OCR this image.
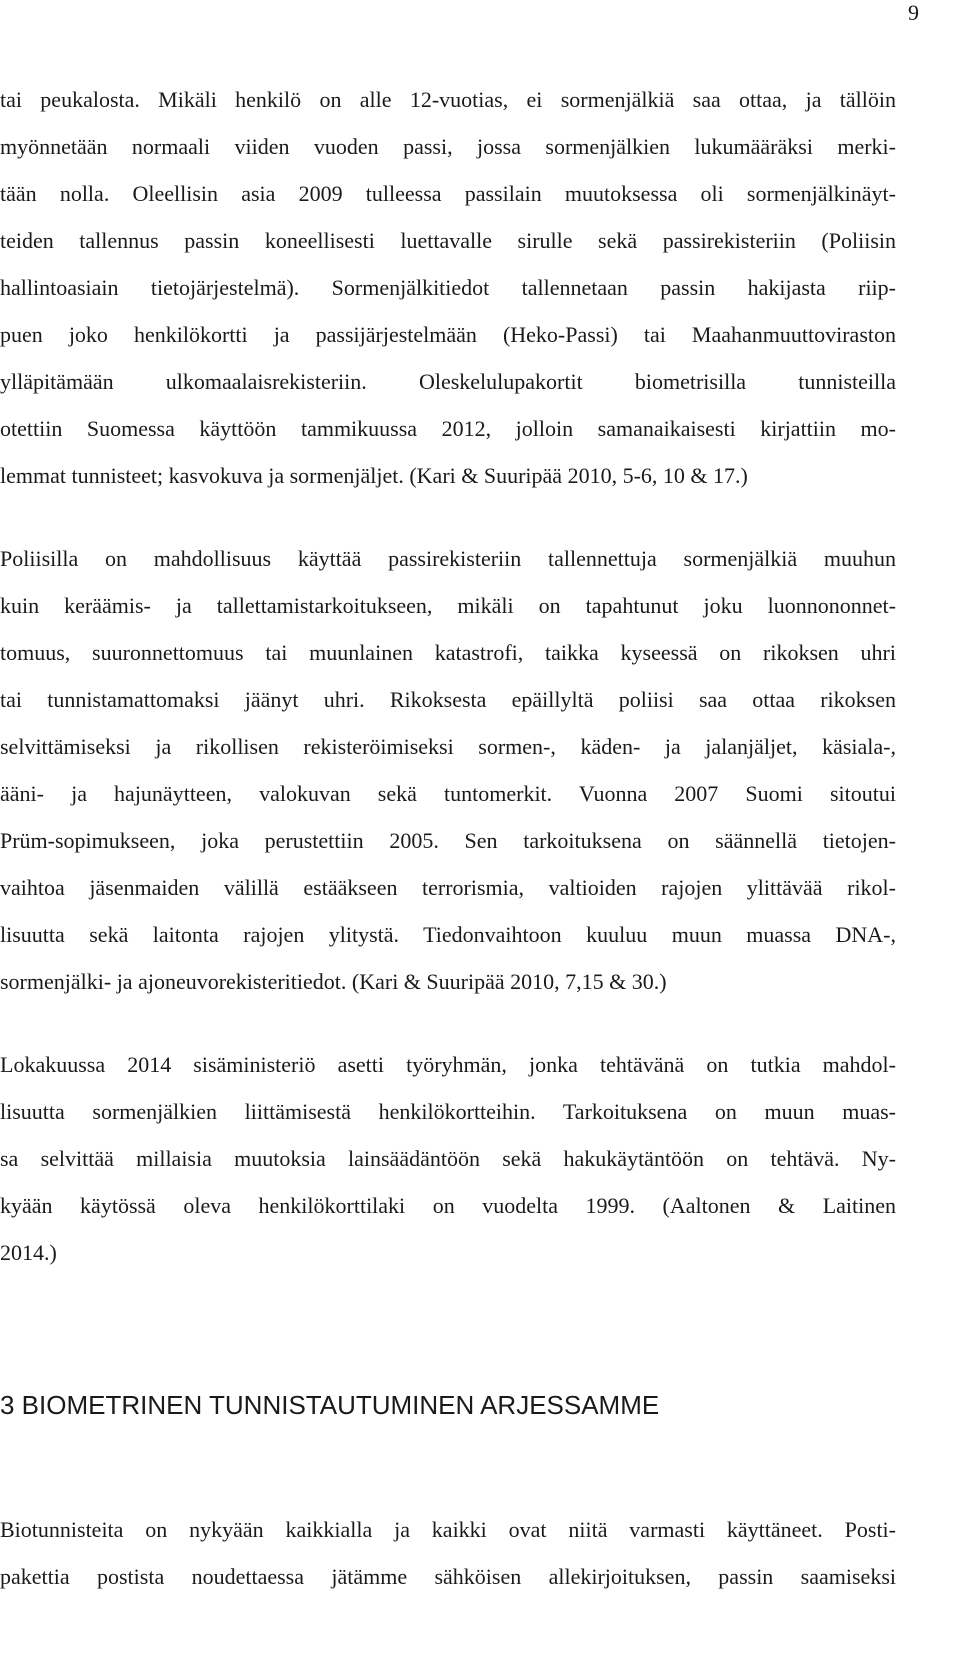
9
tai peukalosta. Mikäli henkilö on alle 12-vuotias, ei sormenjälkiä saa ottaa, ja tällöin
myönnetään normaali viiden vuoden passi, jossa sormenjälkien lukumääräksi merki-
tään nolla. Oleellisin asia 2009 tulleessa passilain muutoksessa oli sormenjälkinäyt-
teiden tallennus passin koneellisesti luettavalle sirulle sekä passirekisteriin (Poliisin
hallintoasiain tietojärjestelmä). Sormenjälkitiedot tallennetaan passin hakijasta riip-
puen joko henkilökortti ja passijärjestelmään (Heko-Passi) tai Maahanmuuttoviraston
ylläpitämään ulkomaalaisrekisteriin. Oleskelulupakortit biometrisilla tunnisteilla
otettiin Suomessa käyttöön tammikuussa 2012, jolloin samanaikaisesti kirjattiin mo-
lemmat tunnisteet; kasvokuva ja sormenjäljet. (Kari & Suuripää 2010, 5-6, 10 & 17.)
Poliisilla on mahdollisuus käyttää passirekisteriin tallennettuja sormenjälkiä muuhun
kuin keräämis- ja tallettamistarkoitukseen, mikäli on tapahtunut joku luonnononnet-
tomuus, suuronnettomuus tai muunlainen katastrofi, taikka kyseessä on rikoksen uhri
tai tunnistamattomaksi jäänyt uhri. Rikoksesta epäillyltä poliisi saa ottaa rikoksen
selvittämiseksi ja rikollisen rekisteröimiseksi sormen-, käden- ja jalanjäljet, käsiala-,
ääni- ja hajunäytteen, valokuvan sekä tuntomerkit. Vuonna 2007 Suomi sitoutui
Prüm-sopimukseen, joka perustettiin 2005. Sen tarkoituksena on säännellä tietojen-
vaihtoa jäsenmaiden välillä estääkseen terrorismia, valtioiden rajojen ylittävää rikol-
lisuutta sekä laitonta rajojen ylitystä. Tiedonvaihtoon kuuluu muun muassa DNA-,
sormenjälki- ja ajoneuvorekisteritiedot. (Kari & Suuripää 2010, 7,15 & 30.)
Lokakuussa 2014 sisäministeriö asetti työryhmän, jonka tehtävänä on tutkia mahdol-
lisuutta sormenjälkien liittämisestä henkilökortteihin. Tarkoituksena on muun muas-
sa selvittää millaisia muutoksia lainsäädäntöön sekä hakukäytäntöön on tehtävä. Ny-
kyään käytössä oleva henkilökorttilaki on vuodelta 1999. (Aaltonen & Laitinen
2014.)
3 BIOMETRINEN TUNNISTAUTUMINEN ARJESSAMME
Biotunnisteita on nykyään kaikkialla ja kaikki ovat niitä varmasti käyttäneet. Posti-
pakettia postista noudettaessa jätämme sähköisen allekirjoituksen, passin saamiseksi
